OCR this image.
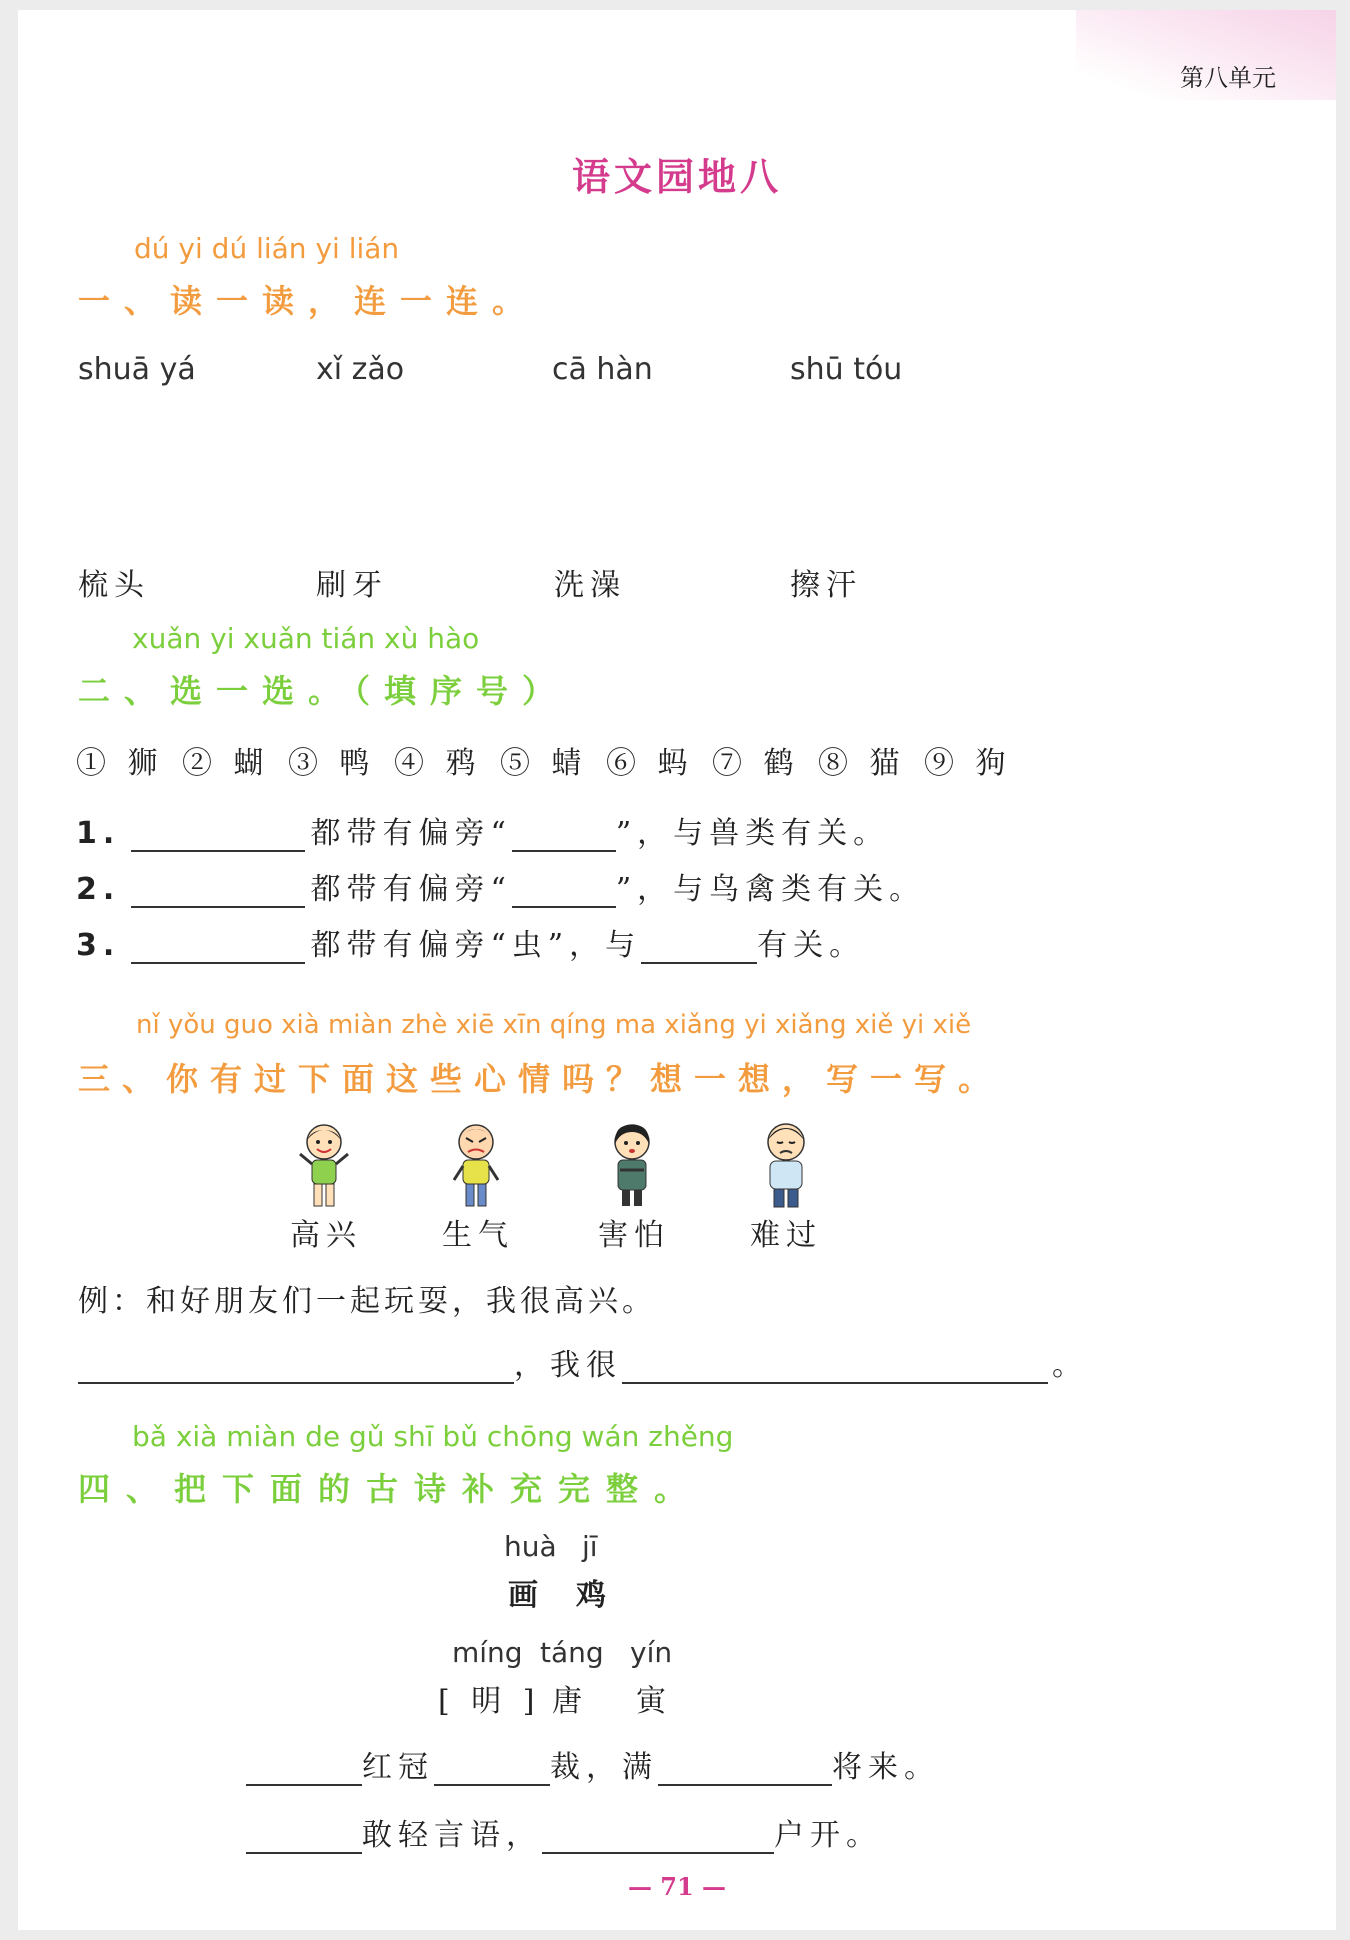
第八单元
语文园地八
dú yi dú lián yi lián
一、读一读，连一连。
shuā yá	xǐ zǎo	cā hàn	shū tóu
梳头	刷牙	洗澡	擦汗
xuǎn yi xuǎn tián xù hào
二、选一选。（填序号）
① 狮 ② 蝴 ③ 鸭 ④ 鸦 ⑤ 蜻 ⑥ 蚂 ⑦ 鹤 ⑧ 猫 ⑨ 狗
1.	都带有偏旁“	”，与兽类有关。
2.	都带有偏旁“	”，与鸟禽类有关。
3.	都带有偏旁“虫”，与	有关。
nǐ yǒu guo xià miàn zhè xiē xīn qíng ma xiǎng yi xiǎng xiě yi xiě
三、你有过下面这些心情吗？想一想，写一写。
高兴	生气	害怕	难过
例：和好朋友们一起玩耍，我很高兴。
，我很	。
bǎ xià miàn de gǔ shī bǔ chōng wán zhěng
四、把下面的古诗补充完整。
huà jī
画 鸡
míng táng yín
[ 明 ] 唐 寅
红冠	裁，满	将来。
敢轻言语，	户开。
— 71 —
